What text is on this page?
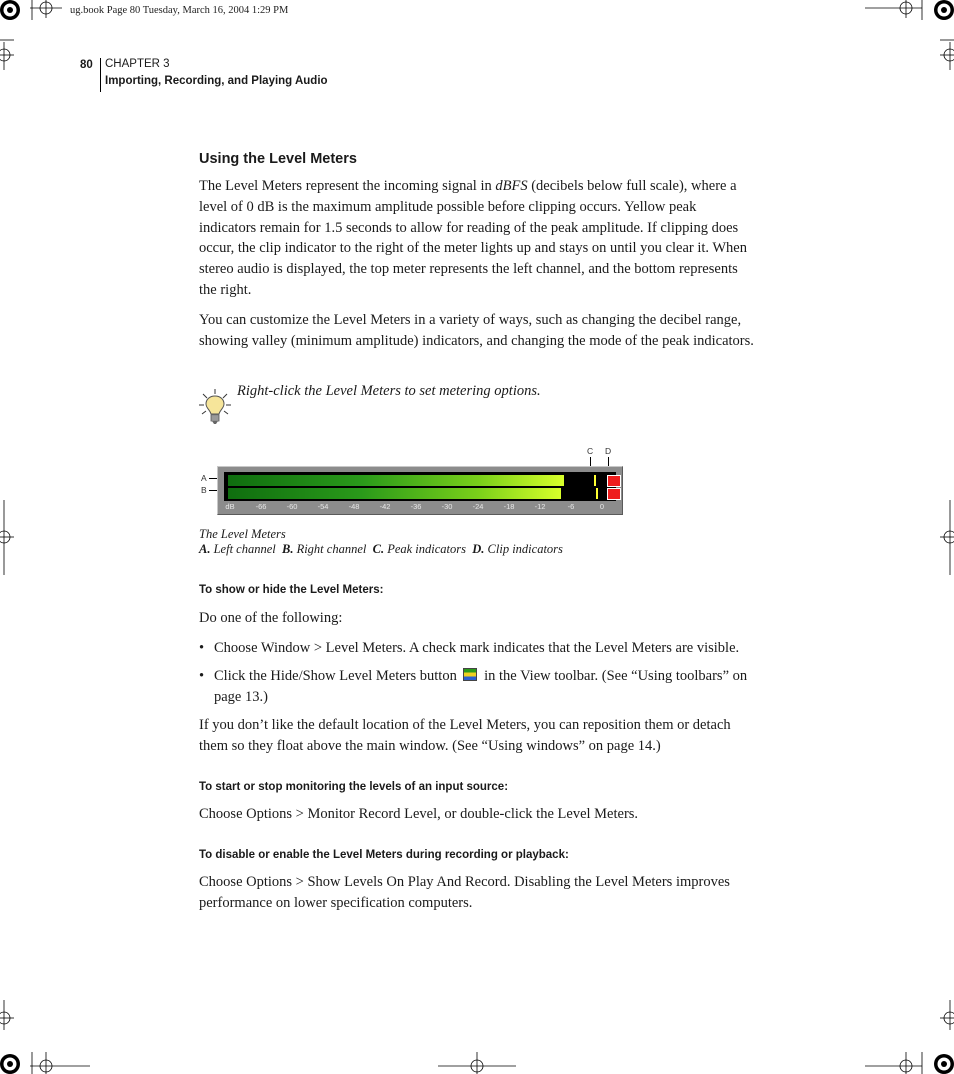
ug.book Page 80 Tuesday, March 16, 2004 1:29 PM
80 CHAPTER 3
Importing, Recording, and Playing Audio
Using the Level Meters

The Level Meters represent the incoming signal in dBFS (decibels below full scale), where a level of 0 dB is the maximum amplitude possible before clipping occurs. Yellow peak indicators remain for 1.5 seconds to allow for reading of the peak amplitude. If clipping does occur, the clip indicator to the right of the meter lights up and stays on until you clear it. When stereo audio is displayed, the top meter represents the left channel, and the bottom represents the right.

You can customize the Level Meters in a variety of ways, such as changing the decibel range, showing valley (minimum amplitude) indicators, and changing the mode of the peak indicators.

Right-click the Level Meters to set metering options.
C D
A
B
dB	-66	-60	-54	-48	-42	-36	-30	-24	-18	-12	-6	0
The Level Meters
A. Left channel B. Right channel C. Peak indicators D. Clip indicators
To show or hide the Level Meters:

Do one of the following:

• Choose Window > Level Meters. A check mark indicates that the Level Meters are visible.
• Click the Hide/Show Level Meters button  in the View toolbar. (See “Using toolbars” on page 13.)

If you don’t like the default location of the Level Meters, you can reposition them or detach them so they float above the main window. (See “Using windows” on page 14.)

To start or stop monitoring the levels of an input source:

Choose Options > Monitor Record Level, or double-click the Level Meters.

To disable or enable the Level Meters during recording or playback:

Choose Options > Show Levels On Play And Record. Disabling the Level Meters improves performance on lower specification computers.
